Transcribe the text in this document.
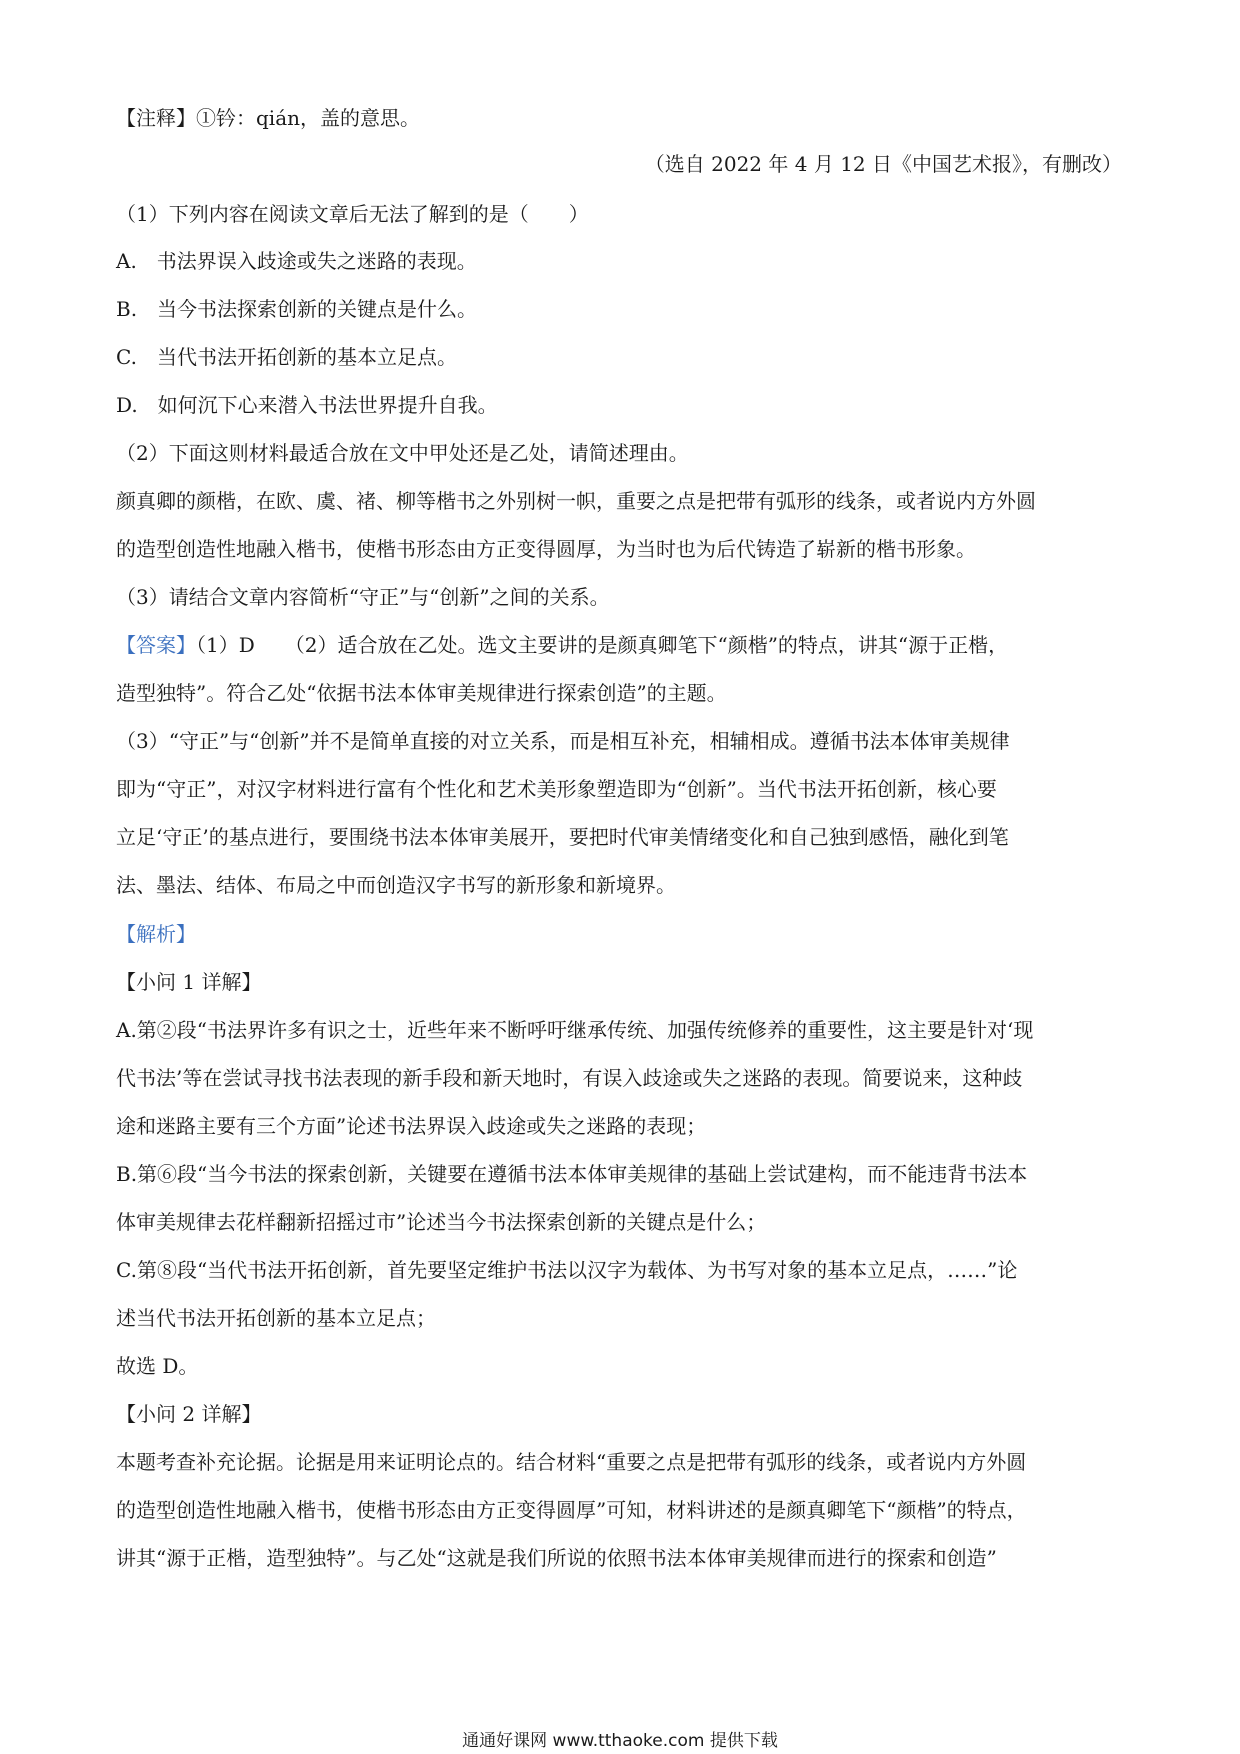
【注释】①钤：qián，盖的意思。
（选自 2022 年 4 月 12 日《中国艺术报》，有删改）
（1）下列内容在阅读文章后无法了解到的是（　　）
A.　书法界误入歧途或失之迷路的表现。
B.　当今书法探索创新的关键点是什么。
C.　当代书法开拓创新的基本立足点。
D.　如何沉下心来潜入书法世界提升自我。
（2）下面这则材料最适合放在文中甲处还是乙处，请简述理由。
颜真卿的颜楷，在欧、虞、褚、柳等楷书之外别树一帜，重要之点是把带有弧形的线条，或者说内方外圆
的造型创造性地融入楷书，使楷书形态由方正变得圆厚，为当时也为后代铸造了崭新的楷书形象。
（3）请结合文章内容简析“守正”与“创新”之间的关系。
【答案】（1）D　　（2）适合放在乙处。选文主要讲的是颜真卿笔下“颜楷”的特点，讲其“源于正楷，
造型独特”。符合乙处“依据书法本体审美规律进行探索创造”的主题。
（3）“守正”与“创新”并不是简单直接的对立关系，而是相互补充，相辅相成。遵循书法本体审美规律
即为“守正”，对汉字材料进行富有个性化和艺术美形象塑造即为“创新”。当代书法开拓创新，核心要
立足‘守正’的基点进行，要围绕书法本体审美展开，要把时代审美情绪变化和自己独到感悟，融化到笔
法、墨法、结体、布局之中而创造汉字书写的新形象和新境界。
【解析】
【小问 1 详解】
A.第②段“书法界许多有识之士，近些年来不断呼吁继承传统、加强传统修养的重要性，这主要是针对‘现
代书法’等在尝试寻找书法表现的新手段和新天地时，有误入歧途或失之迷路的表现。简要说来，这种歧
途和迷路主要有三个方面”论述书法界误入歧途或失之迷路的表现；
B.第⑥段“当今书法的探索创新，关键要在遵循书法本体审美规律的基础上尝试建构，而不能违背书法本
体审美规律去花样翻新招摇过市”论述当今书法探索创新的关键点是什么；
C.第⑧段“当代书法开拓创新，首先要坚定维护书法以汉字为载体、为书写对象的基本立足点，……”论
述当代书法开拓创新的基本立足点；
故选 D。
【小问 2 详解】
本题考查补充论据。论据是用来证明论点的。结合材料“重要之点是把带有弧形的线条，或者说内方外圆
的造型创造性地融入楷书，使楷书形态由方正变得圆厚”可知，材料讲述的是颜真卿笔下“颜楷”的特点，
讲其“源于正楷，造型独特”。与乙处“这就是我们所说的依照书法本体审美规律而进行的探索和创造”
通通好课网 www.tthaoke.com 提供下载
